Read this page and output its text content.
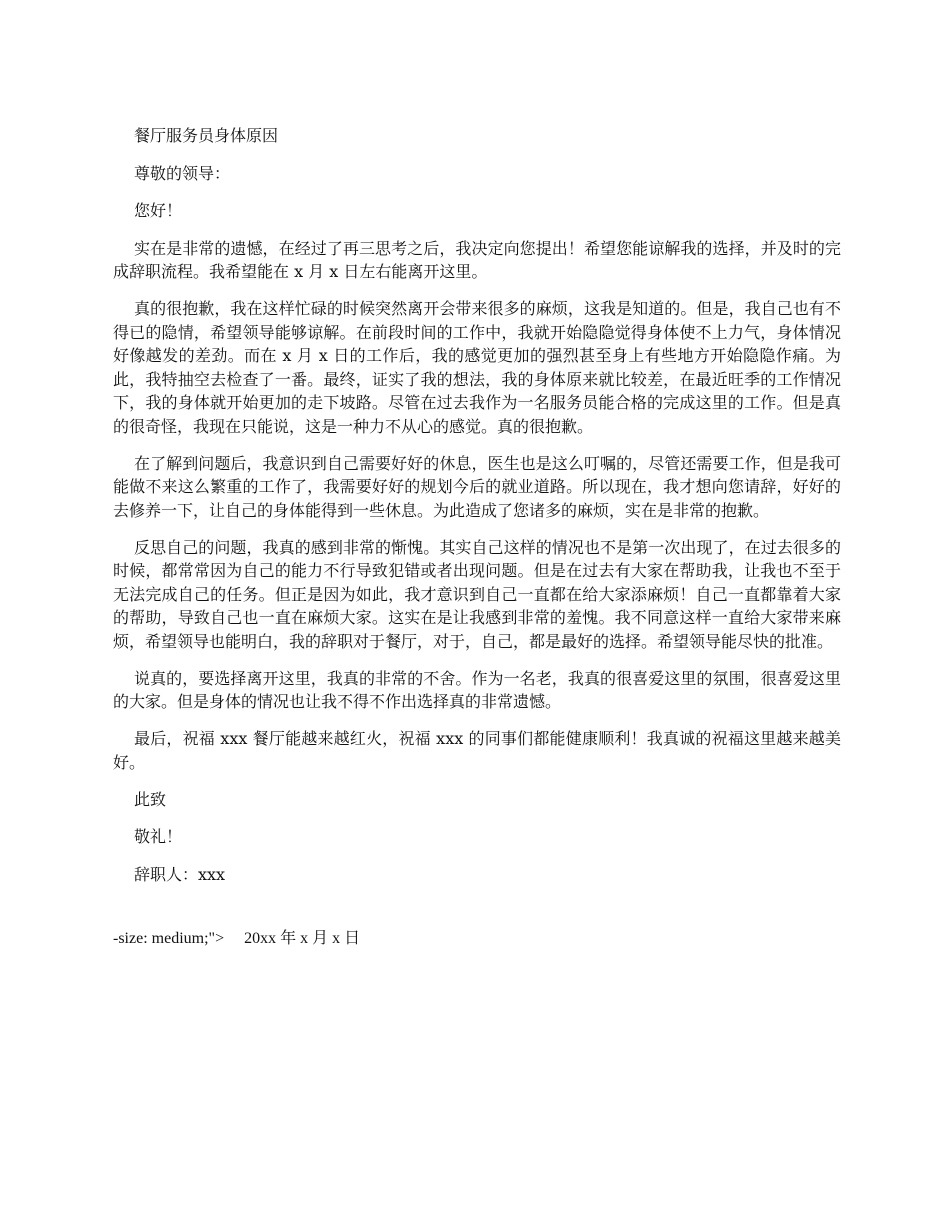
餐厅服务员身体原因

尊敬的领导：

您好！

实在是非常的遗憾，在经过了再三思考之后，我决定向您提出！希望您能谅解我的选择，并及时的完成辞职流程。我希望能在 x 月 x 日左右能离开这里。

真的很抱歉，我在这样忙碌的时候突然离开会带来很多的麻烦，这我是知道的。但是，我自己也有不得已的隐情，希望领导能够谅解。在前段时间的工作中，我就开始隐隐觉得身体使不上力气，身体情况好像越发的差劲。而在 x 月 x 日的工作后，我的感觉更加的强烈甚至身上有些地方开始隐隐作痛。为此，我特抽空去检查了一番。最终，证实了我的想法，我的身体原来就比较差，在最近旺季的工作情况下，我的身体就开始更加的走下坡路。尽管在过去我作为一名服务员能合格的完成这里的工作。但是真的很奇怪，我现在只能说，这是一种力不从心的感觉。真的很抱歉。

在了解到问题后，我意识到自己需要好好的休息，医生也是这么叮嘱的，尽管还需要工作，但是我可能做不来这么繁重的工作了，我需要好好的规划今后的就业道路。所以现在，我才想向您请辞，好好的去修养一下，让自己的身体能得到一些休息。为此造成了您诸多的麻烦，实在是非常的抱歉。

反思自己的问题，我真的感到非常的惭愧。其实自己这样的情况也不是第一次出现了，在过去很多的时候，都常常因为自己的能力不行导致犯错或者出现问题。但是在过去有大家在帮助我，让我也不至于无法完成自己的任务。但正是因为如此，我才意识到自己一直都在给大家添麻烦！自己一直都靠着大家的帮助，导致自己也一直在麻烦大家。这实在是让我感到非常的羞愧。我不同意这样一直给大家带来麻烦，希望领导也能明白，我的辞职对于餐厅，对于，自己，都是最好的选择。希望领导能尽快的批准。

说真的，要选择离开这里，我真的非常的不舍。作为一名老，我真的很喜爱这里的氛围，很喜爱这里的大家。但是身体的情况也让我不得不作出选择真的非常遗憾。

最后，祝福 xxx 餐厅能越来越红火，祝福 xxx 的同事们都能健康顺利！我真诚的祝福这里越来越美好。

此致

敬礼！

辞职人：xxx

-size: medium;">     20xx 年 x 月 x 日
